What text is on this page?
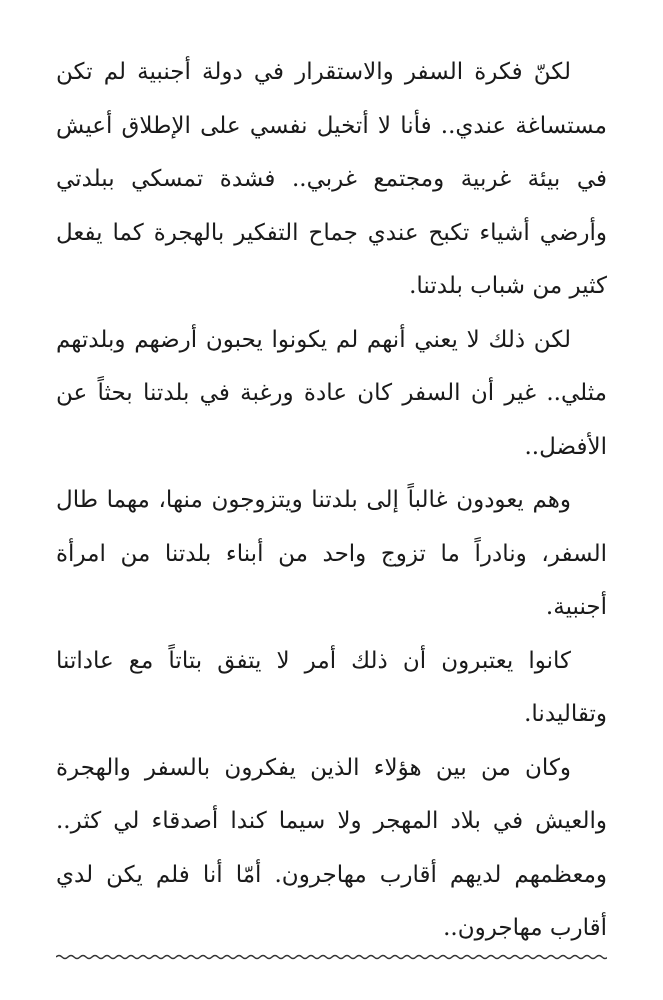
لكنّ فكرة السفر والاستقرار في دولة أجنبية لم تكن مستساغة عندي.. فأنا لا أتخيل نفسي على الإطلاق أعيش في بيئة غربية ومجتمع غربي.. فشدة تمسكي ببلدتي وأرضي أشياء تكبح عندي جماح التفكير بالهجرة كما يفعل كثير من شباب بلدتنا.

لكن ذلك لا يعني أنهم لم يكونوا يحبون أرضهم وبلدتهم مثلي.. غير أن السفر كان عادة ورغبة في بلدتنا بحثاً عن الأفضل..

وهم يعودون غالباً إلى بلدتنا ويتزوجون منها، مهما طال السفر، ونادراً ما تزوج واحد من أبناء بلدتنا من امرأة أجنبية.

كانوا يعتبرون أن ذلك أمر لا يتفق بتاتاً مع عاداتنا وتقاليدنا.

وكان من بين هؤلاء الذين يفكرون بالسفر والهجرة والعيش في بلاد المهجر ولا سيما كندا أصدقاء لي كثر.. ومعظمهم لديهم أقارب مهاجرون. أمّا أنا فلم يكن لدي أقارب مهاجرون..
